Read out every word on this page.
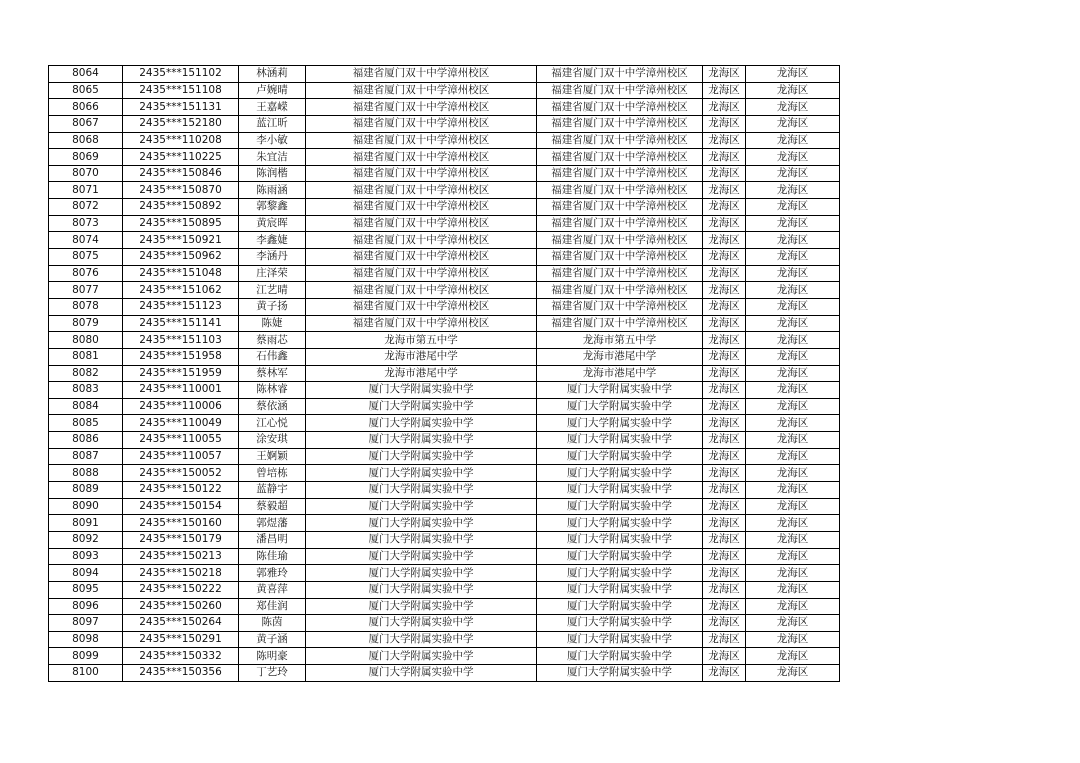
8064	2435***151102	林涵莉	福建省厦门双十中学漳州校区	福建省厦门双十中学漳州校区	龙海区	龙海区
8065	2435***151108	卢婉晴	福建省厦门双十中学漳州校区	福建省厦门双十中学漳州校区	龙海区	龙海区
8066	2435***151131	王嘉嵘	福建省厦门双十中学漳州校区	福建省厦门双十中学漳州校区	龙海区	龙海区
8067	2435***152180	蓝江昕	福建省厦门双十中学漳州校区	福建省厦门双十中学漳州校区	龙海区	龙海区
8068	2435***110208	李小敏	福建省厦门双十中学漳州校区	福建省厦门双十中学漳州校区	龙海区	龙海区
8069	2435***110225	朱宜洁	福建省厦门双十中学漳州校区	福建省厦门双十中学漳州校区	龙海区	龙海区
8070	2435***150846	陈润楷	福建省厦门双十中学漳州校区	福建省厦门双十中学漳州校区	龙海区	龙海区
8071	2435***150870	陈雨涵	福建省厦门双十中学漳州校区	福建省厦门双十中学漳州校区	龙海区	龙海区
8072	2435***150892	郭黎鑫	福建省厦门双十中学漳州校区	福建省厦门双十中学漳州校区	龙海区	龙海区
8073	2435***150895	黄宸晖	福建省厦门双十中学漳州校区	福建省厦门双十中学漳州校区	龙海区	龙海区
8074	2435***150921	李鑫婕	福建省厦门双十中学漳州校区	福建省厦门双十中学漳州校区	龙海区	龙海区
8075	2435***150962	李涵丹	福建省厦门双十中学漳州校区	福建省厦门双十中学漳州校区	龙海区	龙海区
8076	2435***151048	庄泽荣	福建省厦门双十中学漳州校区	福建省厦门双十中学漳州校区	龙海区	龙海区
8077	2435***151062	江艺晴	福建省厦门双十中学漳州校区	福建省厦门双十中学漳州校区	龙海区	龙海区
8078	2435***151123	黄子扬	福建省厦门双十中学漳州校区	福建省厦门双十中学漳州校区	龙海区	龙海区
8079	2435***151141	陈婕	福建省厦门双十中学漳州校区	福建省厦门双十中学漳州校区	龙海区	龙海区
8080	2435***151103	蔡雨芯	龙海市第五中学	龙海市第五中学	龙海区	龙海区
8081	2435***151958	石伟鑫	龙海市港尾中学	龙海市港尾中学	龙海区	龙海区
8082	2435***151959	蔡林军	龙海市港尾中学	龙海市港尾中学	龙海区	龙海区
8083	2435***110001	陈林睿	厦门大学附属实验中学	厦门大学附属实验中学	龙海区	龙海区
8084	2435***110006	蔡依涵	厦门大学附属实验中学	厦门大学附属实验中学	龙海区	龙海区
8085	2435***110049	江心悦	厦门大学附属实验中学	厦门大学附属实验中学	龙海区	龙海区
8086	2435***110055	涂安琪	厦门大学附属实验中学	厦门大学附属实验中学	龙海区	龙海区
8087	2435***110057	王婀颖	厦门大学附属实验中学	厦门大学附属实验中学	龙海区	龙海区
8088	2435***150052	曾培栋	厦门大学附属实验中学	厦门大学附属实验中学	龙海区	龙海区
8089	2435***150122	蓝静宇	厦门大学附属实验中学	厦门大学附属实验中学	龙海区	龙海区
8090	2435***150154	蔡毅超	厦门大学附属实验中学	厦门大学附属实验中学	龙海区	龙海区
8091	2435***150160	郭煜藩	厦门大学附属实验中学	厦门大学附属实验中学	龙海区	龙海区
8092	2435***150179	潘昌明	厦门大学附属实验中学	厦门大学附属实验中学	龙海区	龙海区
8093	2435***150213	陈佳瑜	厦门大学附属实验中学	厦门大学附属实验中学	龙海区	龙海区
8094	2435***150218	郭雅玲	厦门大学附属实验中学	厦门大学附属实验中学	龙海区	龙海区
8095	2435***150222	黄喜萍	厦门大学附属实验中学	厦门大学附属实验中学	龙海区	龙海区
8096	2435***150260	郑佳润	厦门大学附属实验中学	厦门大学附属实验中学	龙海区	龙海区
8097	2435***150264	陈茵	厦门大学附属实验中学	厦门大学附属实验中学	龙海区	龙海区
8098	2435***150291	黄子涵	厦门大学附属实验中学	厦门大学附属实验中学	龙海区	龙海区
8099	2435***150332	陈明豪	厦门大学附属实验中学	厦门大学附属实验中学	龙海区	龙海区
8100	2435***150356	丁艺玲	厦门大学附属实验中学	厦门大学附属实验中学	龙海区	龙海区
